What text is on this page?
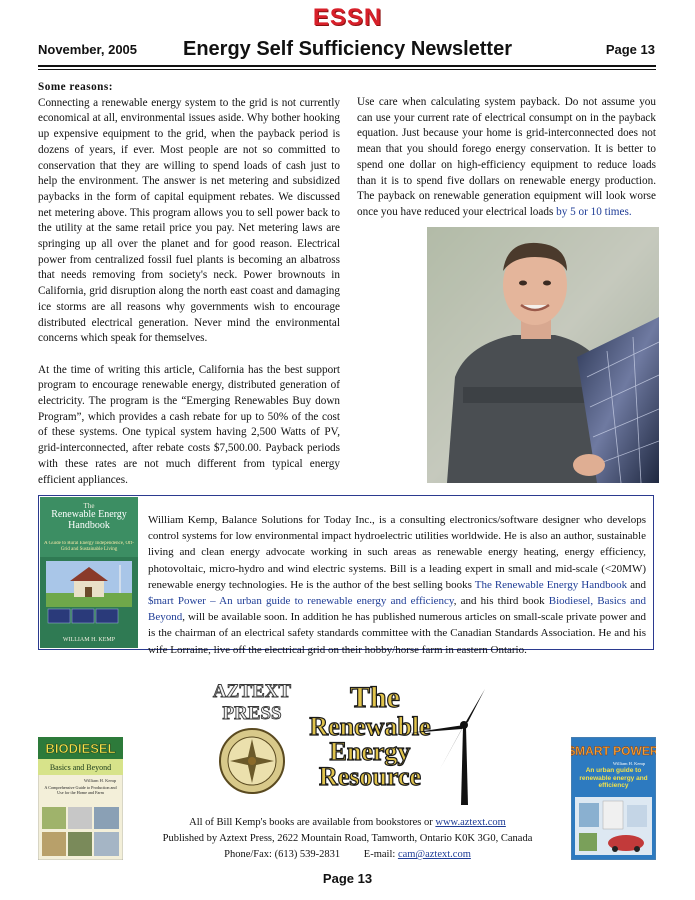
ESSN
November, 2005	Energy Self Sufficiency Newsletter	Page 13

Some reasons:

Connecting a renewable energy system to the grid is not currently economical at all, environmental issues aside. Why bother hooking up expensive equipment to the grid, when the payback period is dozens of years, if ever. Most people are not so committed to conservation that they are willing to spend loads of cash just to help the environment. The answer is net metering and subsidized paybacks in the form of capital equipment rebates. We discussed net metering above. This program allows you to sell power back to the utility at the same retail price you pay. Net metering laws are springing up all over the planet and for good reason. Electrical power from centralized fossil fuel plants is becoming an albatross that needs removing from society's neck. Power brownouts in California, grid disruption along the north east coast and damaging ice storms are all reasons why governments wish to encourage distributed electrical generation. Never mind the environmental concerns which speak for themselves.

At the time of writing this article, California has the best support program to encourage renewable energy, distributed generation of electricity. The program is the “Emerging Renewables Buy down Program”, which provides a cash rebate for up to 50% of the cost of these systems. One typical system having 2,500 Watts of PV, grid-interconnected, after rebate costs $7,500.00. Payback periods with these rates are not much different from typical energy efficient appliances.

Use care when calculating system payback. Do not assume you can use your current rate of electrical consumpt on in the payback equation. Just because your home is grid-interconnected does not mean that you should forego energy conservation. It is better to spend one dollar on high-efficiency equipment to reduce loads than it is to spend five dollars on renewable energy production. The payback on renewable generation equipment will look worse once you have reduced your electrical loads by 5 or 10 times.

The
Renewable Energy Handbook
A Guide to Rural Energy Independence, Off-Grid and Sustainable Living
WILLIAM H. KEMP
William Kemp, Balance Solutions for Today Inc., is a consulting electronics/software designer who develops control systems for low environmental impact hydroelectric utilities worldwide. He is also an author, sustainable living and clean energy advocate working in such areas as renewable energy heating, energy efficiency, photovoltaic, micro-hydro and wind electric systems. Bill is a leading expert in small and mid-scale (<20MW) renewable energy technologies. He is the author of the best selling books The Renewable Energy Handbook and $mart Power – An urban guide to renewable energy and efficiency, and his third book Biodiesel, Basics and Beyond, will be available soon. In addition he has published numerous articles on small-scale private power and is the chairman of an electrical safety standards committee with the Canadian Standards Association. He and his wife Lorraine, live off the electrical grid on their hobby/horse farm in eastern Ontario.
AZTEXT
PRESS The
Renewable
Energy
Resource
BIODIESEL
Basics and Beyond
William H. Kemp
A Comprehensive Guide to Production and Use for the Home and Farm
$MART POWER
William H. Kemp
An urban guide to renewable energy and efficiency
All of Bill Kemp's books are available from bookstores or www.aztext.com
Published by Aztext Press, 2622 Mountain Road, Tamworth, Ontario K0K 3G0, Canada
Phone/Fax: (613) 539-2831         E-mail: cam@aztext.com
Page 13
